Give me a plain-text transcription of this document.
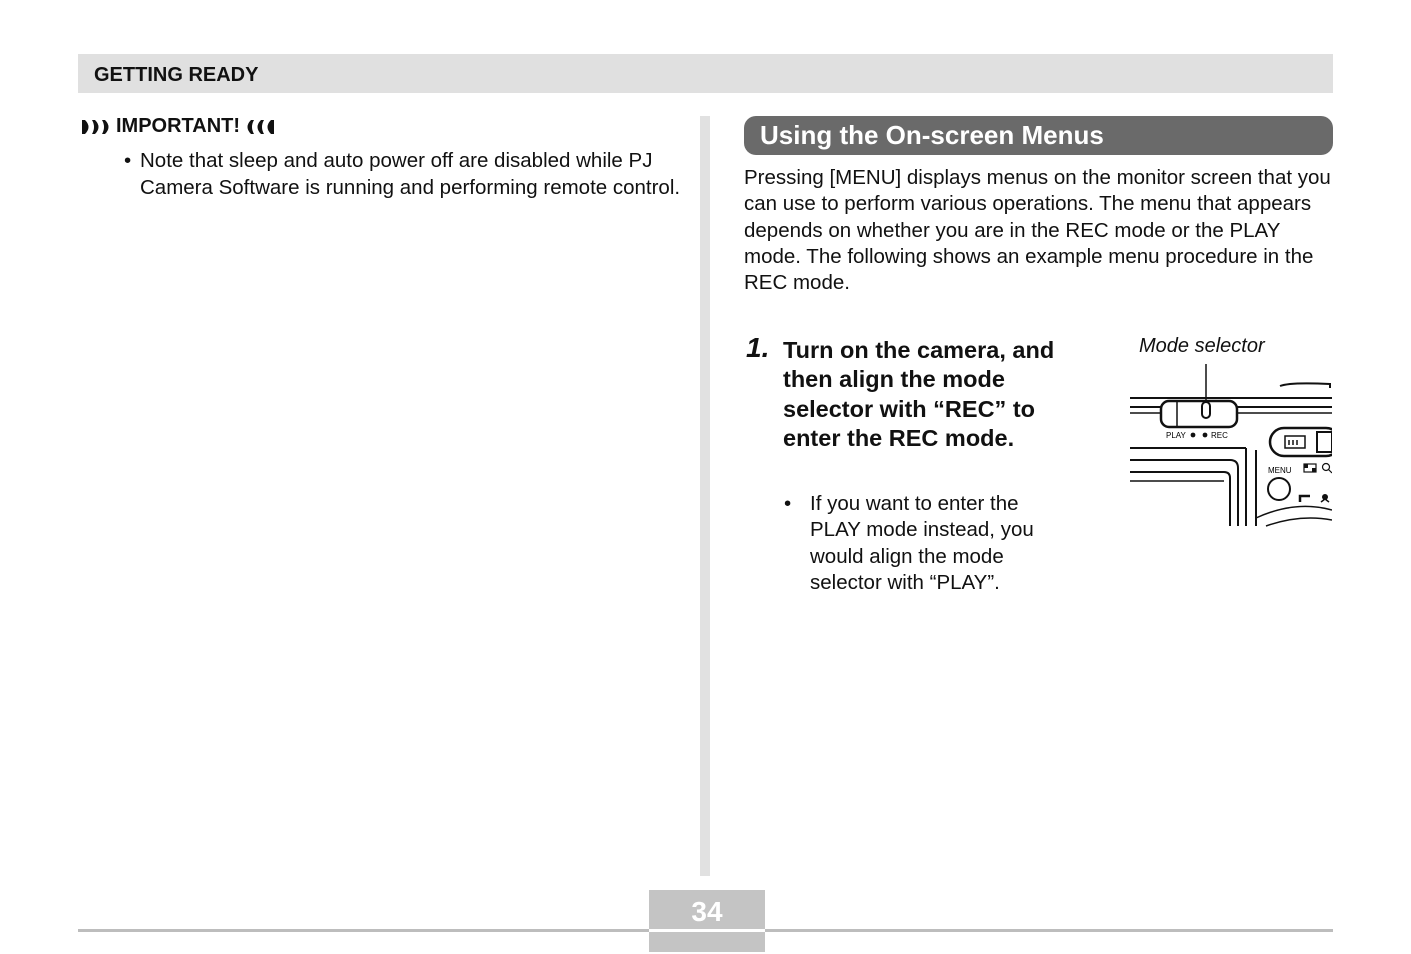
GETTING READY
IMPORTANT!
• Note that sleep and auto power off are disabled while PJ Camera Software is running and performing remote control.
Using the On-screen Menus
Pressing [MENU] displays menus on the monitor screen that you can use to perform various operations. The menu that appears depends on whether you are in the REC mode or the PLAY mode. The following shows an example menu procedure in the REC mode.
1. Turn on the camera, and then align the mode selector with “REC” to enter the REC mode.
• If you want to enter the PLAY mode instead, you would align the mode selector with “PLAY”.
Mode selector
PLAY	REC
MENU
34
